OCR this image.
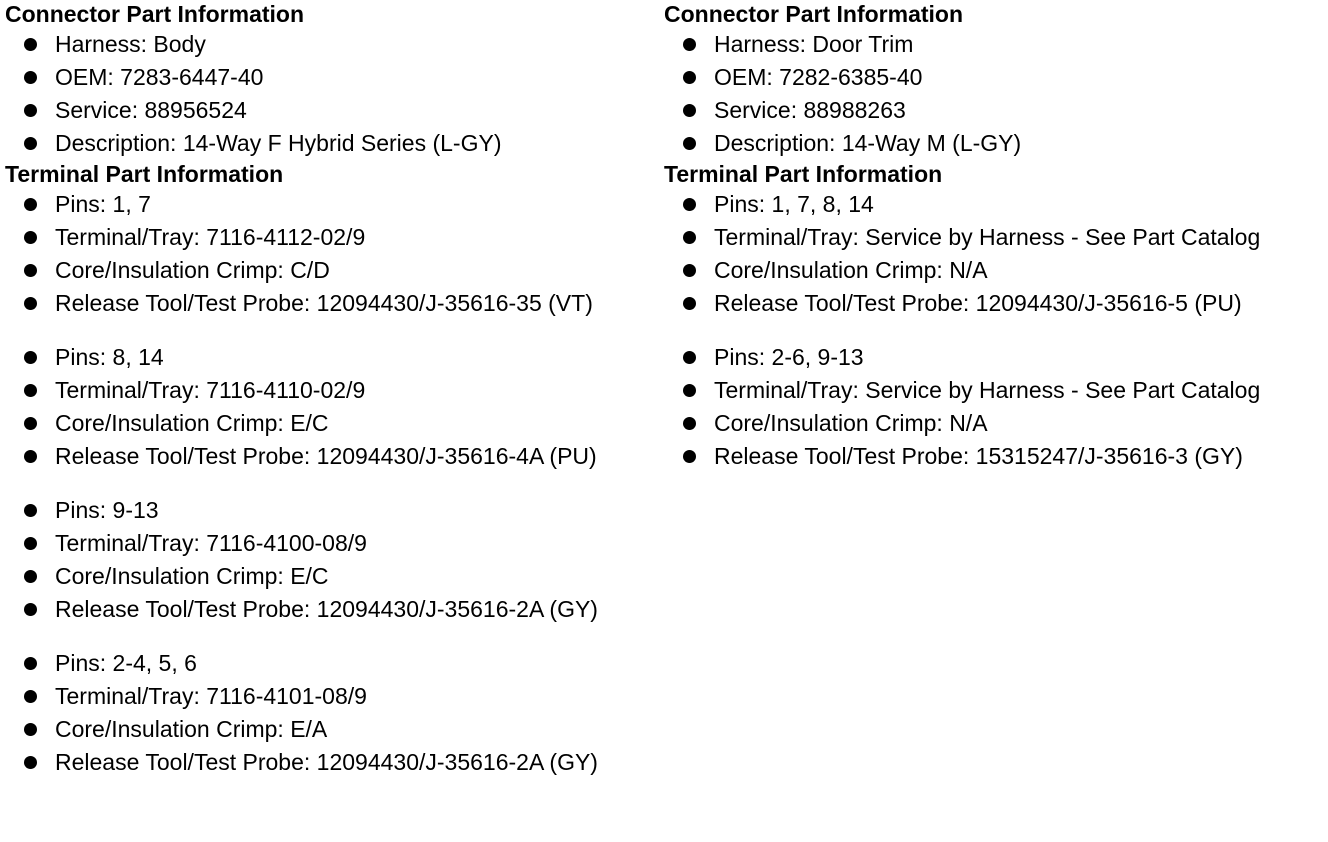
Connector Part Information
Harness: Body
OEM: 7283-6447-40
Service: 88956524
Description: 14-Way F Hybrid Series (L-GY)
Terminal Part Information
Pins: 1, 7
Terminal/Tray: 7116-4112-02/9
Core/Insulation Crimp: C/D
Release Tool/Test Probe: 12094430/J-35616-35 (VT)
Pins: 8, 14
Terminal/Tray: 7116-4110-02/9
Core/Insulation Crimp: E/C
Release Tool/Test Probe: 12094430/J-35616-4A (PU)
Pins: 9-13
Terminal/Tray: 7116-4100-08/9
Core/Insulation Crimp: E/C
Release Tool/Test Probe: 12094430/J-35616-2A (GY)
Pins: 2-4, 5, 6
Terminal/Tray: 7116-4101-08/9
Core/Insulation Crimp: E/A
Release Tool/Test Probe: 12094430/J-35616-2A (GY)
Connector Part Information
Harness: Door Trim
OEM: 7282-6385-40
Service: 88988263
Description: 14-Way M (L-GY)
Terminal Part Information
Pins: 1, 7, 8, 14
Terminal/Tray: Service by Harness - See Part Catalog
Core/Insulation Crimp: N/A
Release Tool/Test Probe: 12094430/J-35616-5 (PU)
Pins: 2-6, 9-13
Terminal/Tray: Service by Harness - See Part Catalog
Core/Insulation Crimp: N/A
Release Tool/Test Probe: 15315247/J-35616-3 (GY)
